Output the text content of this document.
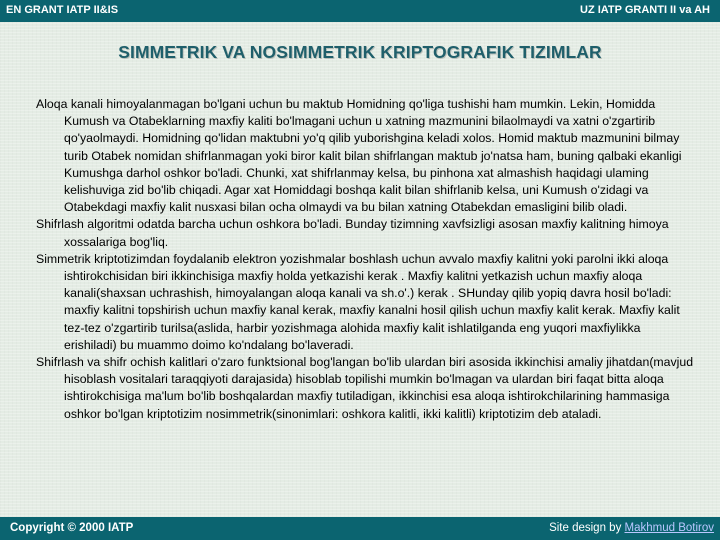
EN GRANT IATP II&IS	UZ IATP GRANTI II va AH
SIMMETRIK VA NOSIMMETRIK KRIPTOGRAFIK TIZIMLAR

Aloqa kanali himoyalanmagan bo'lgani uchun bu maktub Homidning qo'liga tushishi ham mumkin. Lekin, Homidda Kumush va Otabeklarning maxfiy kaliti bo'lmagani uchun u xatning mazmunini bilaolmaydi va xatni o'zgartirib qo'yaolmaydi. Homidning qo'lidan maktubni yo'q qilib yuborishgina keladi xolos. Homid maktub mazmunini bilmay turib Otabek nomidan shifrlanmagan yoki biror kalit bilan shifrlangan maktub jo'natsa ham, buning qalbaki ekanligi Kumushga darhol oshkor bo'ladi. Chunki, xat shifrlanmay kelsa, bu pinhona xat almashish haqidagi ulaming kelishuviga zid bo'lib chiqadi. Agar xat Homiddagi boshqa kalit bilan shifrlanib kelsa, uni Kumush o'zidagi va Otabekdagi maxfiy kalit nusxasi bilan ocha olmaydi va bu bilan xatning Otabekdan emasligini bilib oladi.

Shifrlash algoritmi odatda barcha uchun oshkora bo'ladi. Bunday tizimning xavfsizligi asosan maxfiy kalitning himoya xossalariga bog'liq.

Simmetrik kriptotizimdan foydalanib elektron yozishmalar boshlash uchun avvalo maxfiy kalitni yoki parolni ikki aloqa ishtirokchisidan biri ikkinchisiga maxfiy holda yetkazishi kerak . Maxfiy kalitni yetkazish uchun maxfiy aloqa kanali(shaxsan uchrashish, himoyalangan aloqa kanali va sh.o'.) kerak . SHunday qilib yopiq davra hosil bo'ladi: maxfiy kalitni topshirish uchun maxfiy kanal kerak, maxfiy kanalni hosil qilish uchun maxfiy kalit kerak. Maxfiy kalit tez-tez o'zgartirib turilsa(aslida, harbir yozishmaga alohida maxfiy kalit ishlatilganda eng yuqori maxfiylikka erishiladi) bu muammo doimo ko'ndalang bo'laveradi.

Shifrlash va shifr ochish kalitlari o'zaro funktsional bog'langan bo'lib ulardan biri asosida ikkinchisi amaliy jihatdan(mavjud hisoblash vositalari taraqqiyoti darajasida) hisoblab topilishi mumkin bo'lmagan va ulardan biri faqat bitta aloqa ishtirokchisiga ma'lum bo'lib boshqalardan maxfiy tutiladigan, ikkinchisi esa aloqa ishtirokchilarining hammasiga oshkor bo'lgan kriptotizim nosimmetrik(sinonimlari: oshkora kalitli, ikki kalitli) kriptotizim deb ataladi.

Copyright © 2000 IATP	Site design by Makhmud Botirov
